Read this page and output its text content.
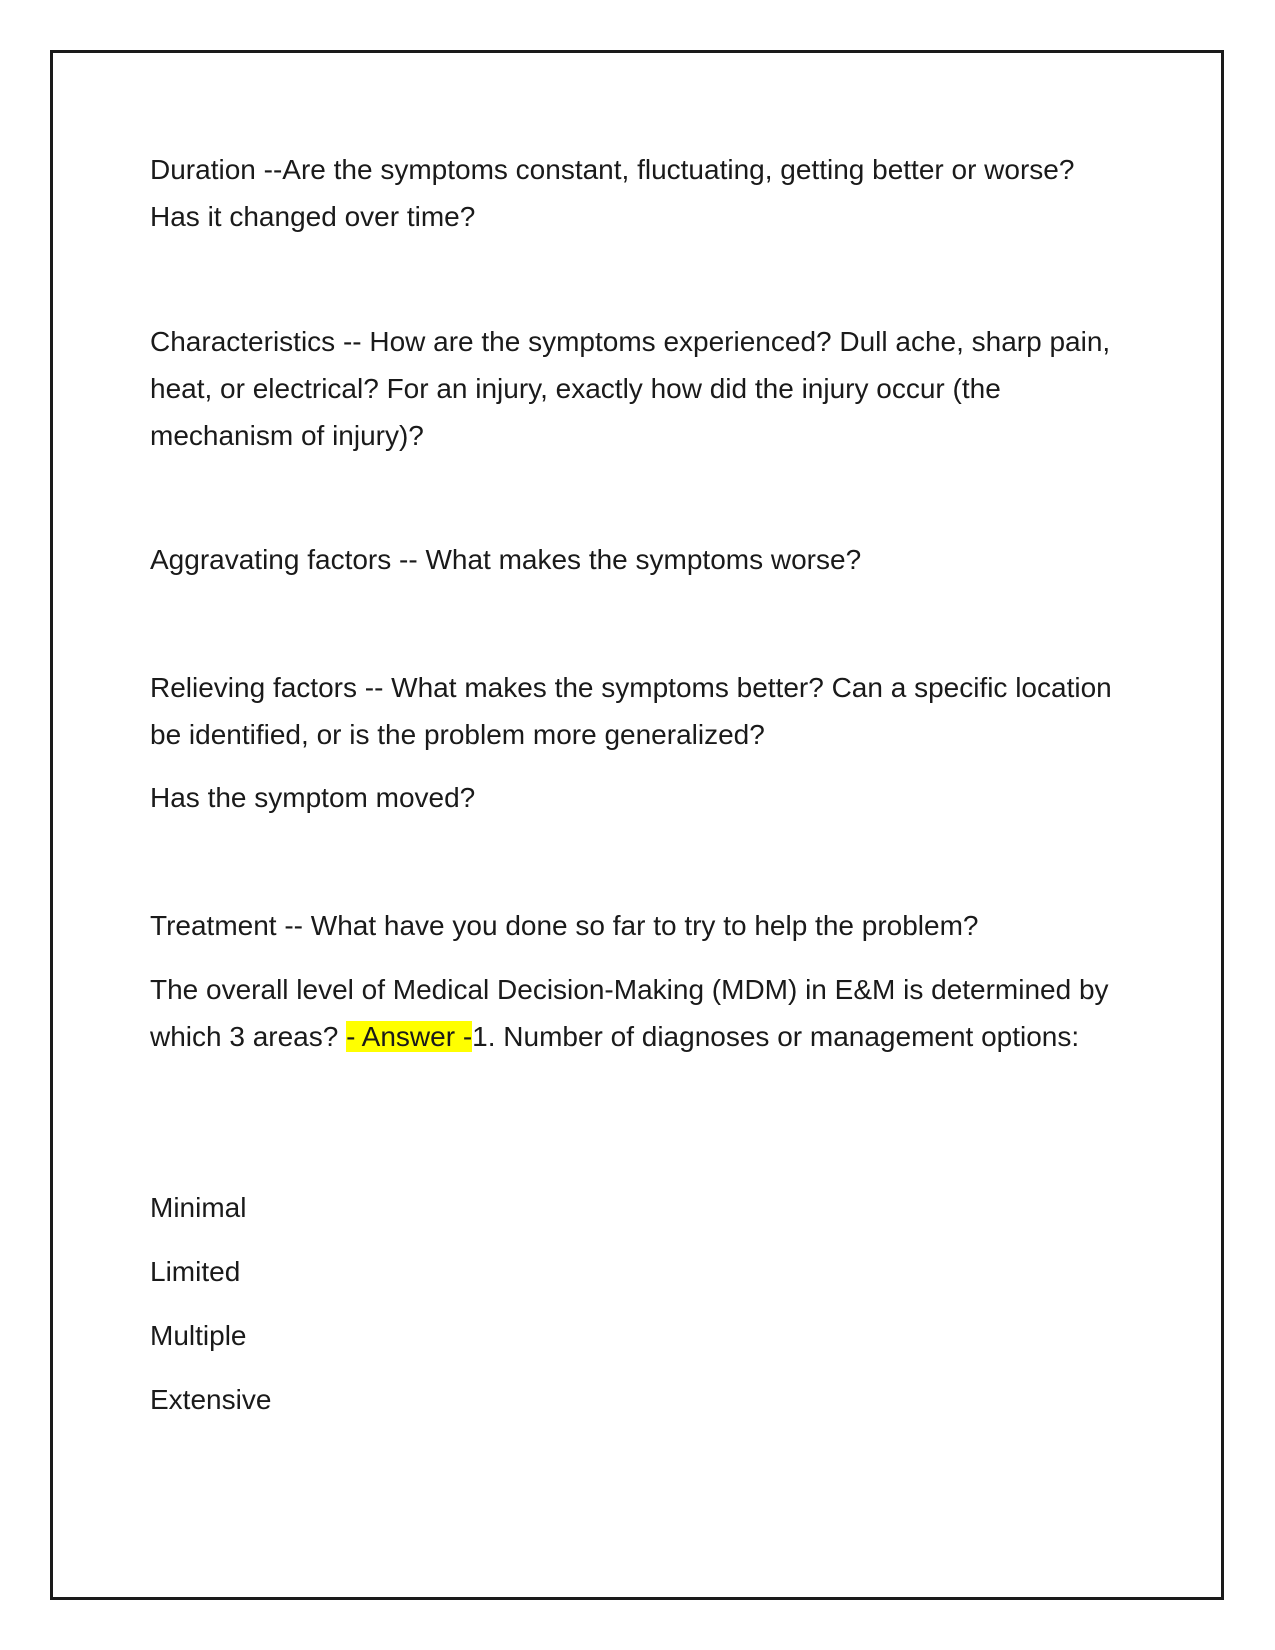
Duration --Are the symptoms constant, fluctuating, getting better or worse? Has it changed over time?

Characteristics -- How are the symptoms experienced? Dull ache, sharp pain, heat, or electrical? For an injury, exactly how did the injury occur (the mechanism of injury)?

Aggravating factors -- What makes the symptoms worse?

Relieving factors -- What makes the symptoms better? Can a specific location be identified, or is the problem more generalized?

Has the symptom moved?

Treatment -- What have you done so far to try to help the problem?

The overall level of Medical Decision-Making (MDM) in E&M is determined by which 3 areas? - Answer -1. Number of diagnoses or management options:

Minimal

Limited

Multiple

Extensive
